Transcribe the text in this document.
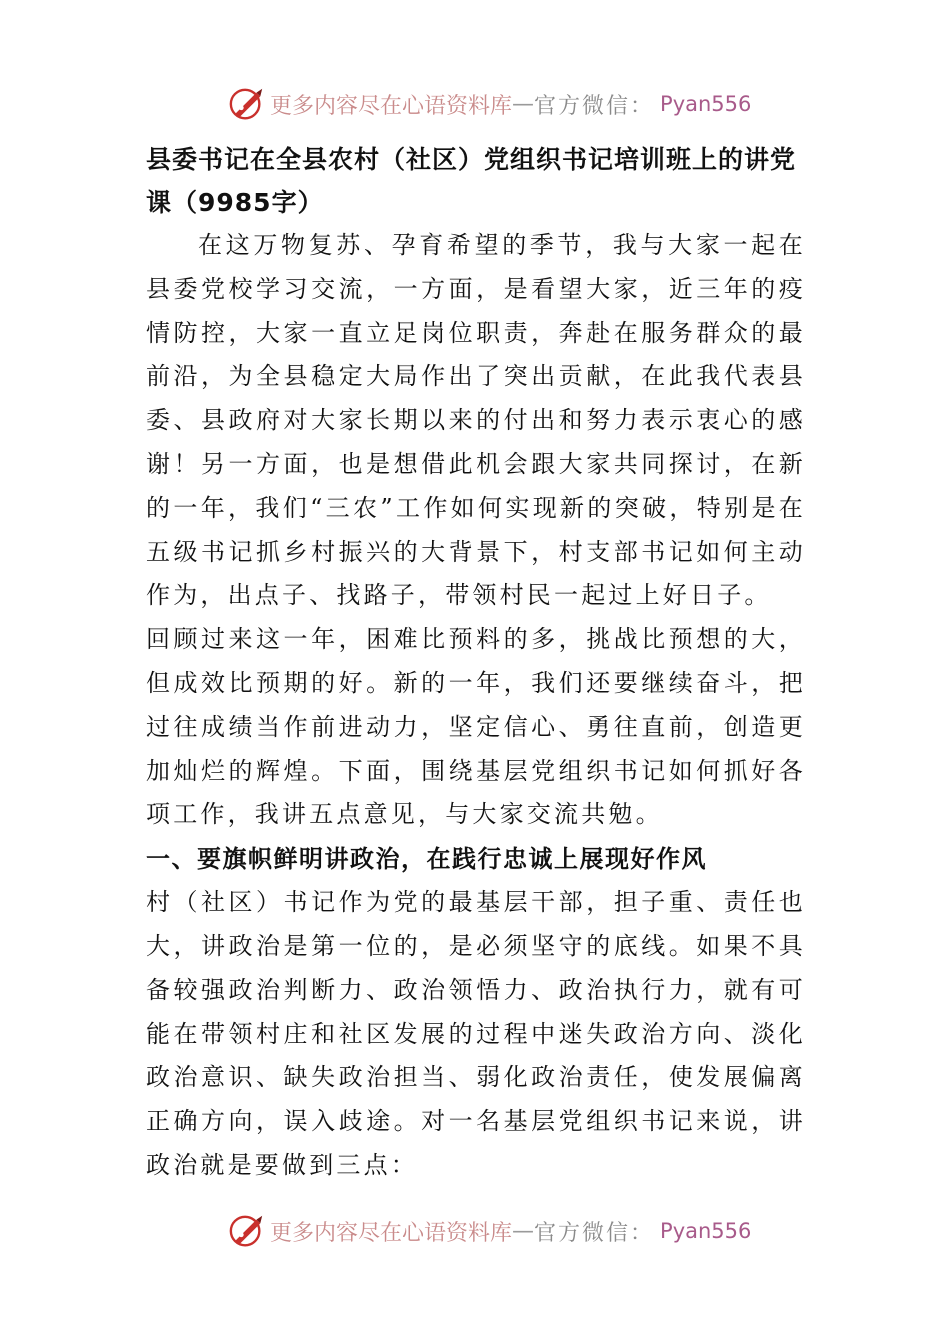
更多内容尽在心语资料库 — 官方微信： Pyan556
县委书记在全县农村（社区）党组织书记培训班上的讲党课（9985字）

在这万物复苏、孕育希望的季节，我与大家一起在县委党校学习交流，一方面，是看望大家，近三年的疫情防控，大家一直立足岗位职责，奔赴在服务群众的最前沿，为全县稳定大局作出了突出贡献，在此我代表县委、县政府对大家长期以来的付出和努力表示衷心的感谢！另一方面，也是想借此机会跟大家共同探讨，在新的一年，我们“三农”工作如何实现新的突破，特别是在五级书记抓乡村振兴的大背景下，村支部书记如何主动作为，出点子、找路子，带领村民一起过上好日子。

回顾过来这一年，困难比预料的多，挑战比预想的大，但成效比预期的好。新的一年，我们还要继续奋斗，把过往成绩当作前进动力，坚定信心、勇往直前，创造更加灿烂的辉煌。下面，围绕基层党组织书记如何抓好各项工作，我讲五点意见，与大家交流共勉。

一、要旗帜鲜明讲政治，在践行忠诚上展现好作风

村（社区）书记作为党的最基层干部，担子重、责任也大，讲政治是第一位的，是必须坚守的底线。如果不具备较强政治判断力、政治领悟力、政治执行力，就有可能在带领村庄和社区发展的过程中迷失政治方向、淡化政治意识、缺失政治担当、弱化政治责任，使发展偏离正确方向，误入歧途。对一名基层党组织书记来说，讲政治就是要做到三点：

更多内容尽在心语资料库 — 官方微信： Pyan556
